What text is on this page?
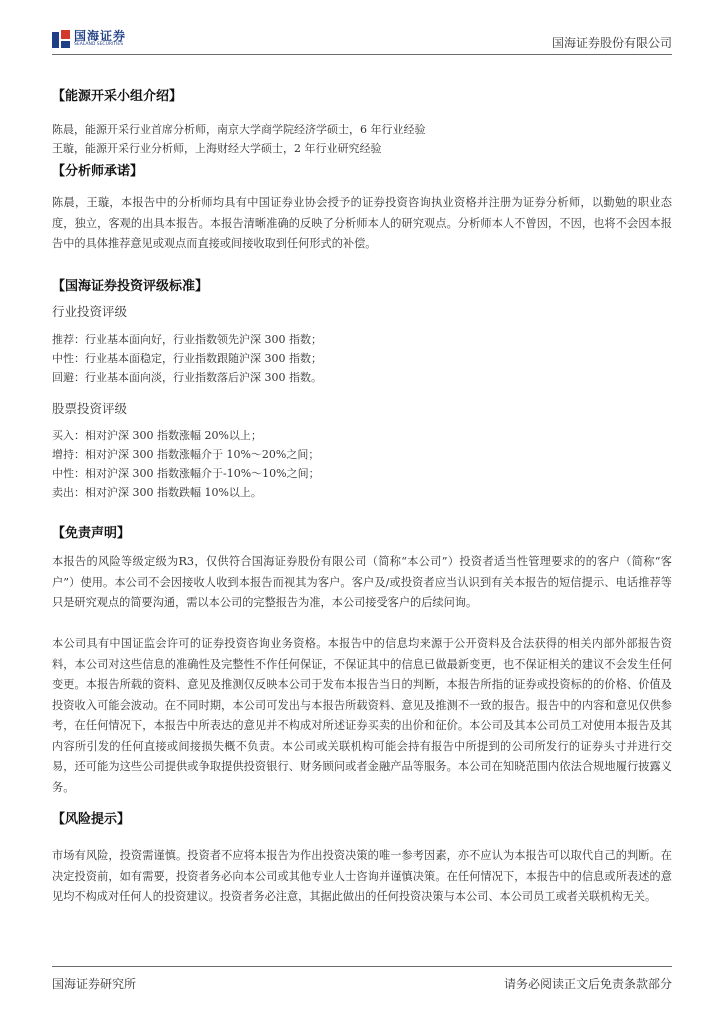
国海证券
SEALAND SECURITIES	国海证券股份有限公司
【能源开采小组介绍】
陈晨，能源开采行业首席分析师，南京大学商学院经济学硕士，6 年行业经验
王璇，能源开采行业分析师，上海财经大学硕士，2 年行业研究经验
【分析师承诺】
陈晨，王璇，本报告中的分析师均具有中国证券业协会授予的证券投资咨询执业资格并注册为证券分析师，以勤勉的职业态度，独立，客观的出具本报告。本报告清晰准确的反映了分析师本人的研究观点。分析师本人不曾因，不因，也将不会因本报告中的具体推荐意见或观点而直接或间接收取到任何形式的补偿。
【国海证券投资评级标准】
行业投资评级
推荐：行业基本面向好，行业指数领先沪深 300 指数；
中性：行业基本面稳定，行业指数跟随沪深 300 指数；
回避：行业基本面向淡，行业指数落后沪深 300 指数。
股票投资评级
买入：相对沪深 300 指数涨幅 20%以上；
增持：相对沪深 300 指数涨幅介于 10%～20%之间；
中性：相对沪深 300 指数涨幅介于-10%～10%之间；
卖出：相对沪深 300 指数跌幅 10%以上。
【免责声明】
本报告的风险等级定级为R3，仅供符合国海证券股份有限公司（简称“本公司”）投资者适当性管理要求的的客户（简称“客户”）使用。本公司不会因接收人收到本报告而视其为客户。客户及/或投资者应当认识到有关本报告的短信提示、电话推荐等只是研究观点的简要沟通，需以本公司的完整报告为准，本公司接受客户的后续问询。
本公司具有中国证监会许可的证券投资咨询业务资格。本报告中的信息均来源于公开资料及合法获得的相关内部外部报告资料，本公司对这些信息的准确性及完整性不作任何保证，不保证其中的信息已做最新变更，也不保证相关的建议不会发生任何变更。本报告所载的资料、意见及推测仅反映本公司于发布本报告当日的判断，本报告所指的证券或投资标的的价格、价值及投资收入可能会波动。在不同时期，本公司可发出与本报告所载资料、意见及推测不一致的报告。报告中的内容和意见仅供参考，在任何情况下，本报告中所表达的意见并不构成对所述证券买卖的出价和征价。本公司及其本公司员工对使用本报告及其内容所引发的任何直接或间接损失概不负责。本公司或关联机构可能会持有报告中所提到的公司所发行的证券头寸并进行交易，还可能为这些公司提供或争取提供投资银行、财务顾问或者金融产品等服务。本公司在知晓范围内依法合规地履行披露义务。
【风险提示】
市场有风险，投资需谨慎。投资者不应将本报告为作出投资决策的唯一参考因素，亦不应认为本报告可以取代自己的判断。在决定投资前，如有需要，投资者务必向本公司或其他专业人士咨询并谨慎决策。在任何情况下，本报告中的信息或所表述的意见均不构成对任何人的投资建议。投资者务必注意，其据此做出的任何投资决策与本公司、本公司员工或者关联机构无关。
国海证券研究所	请务必阅读正文后免责条款部分
